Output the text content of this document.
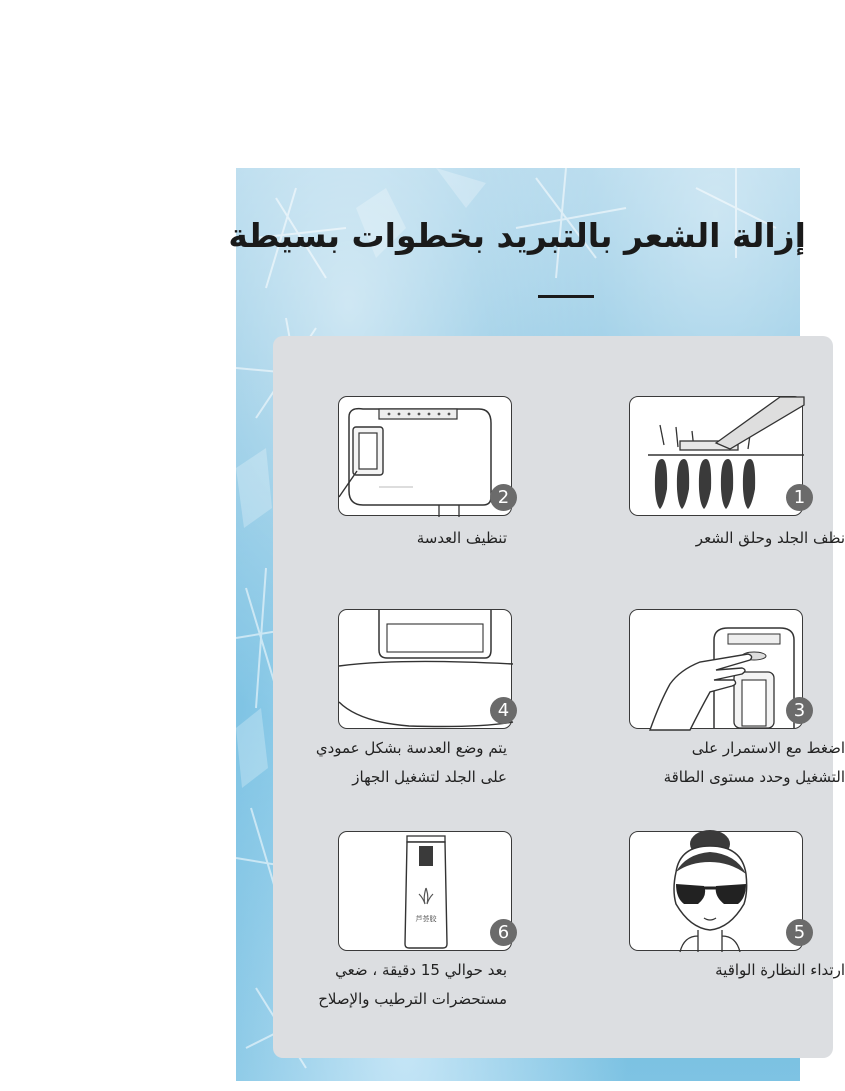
إزالة الشعر بالتبريد بخطوات بسيطة
1

نظف الجلد وحلق الشعر

2

تنظيف العدسة

3

اضغط مع الاستمرار على
التشغيل وحدد مستوى الطاقة

4

يتم وضع العدسة بشكل عمودي
على الجلد لتشغيل الجهاز

5

ارتداء النظارة الواقية

芦荟胶
6

بعد حوالي 15 دقيقة ، ضعي
مستحضرات الترطيب والإصلاح
